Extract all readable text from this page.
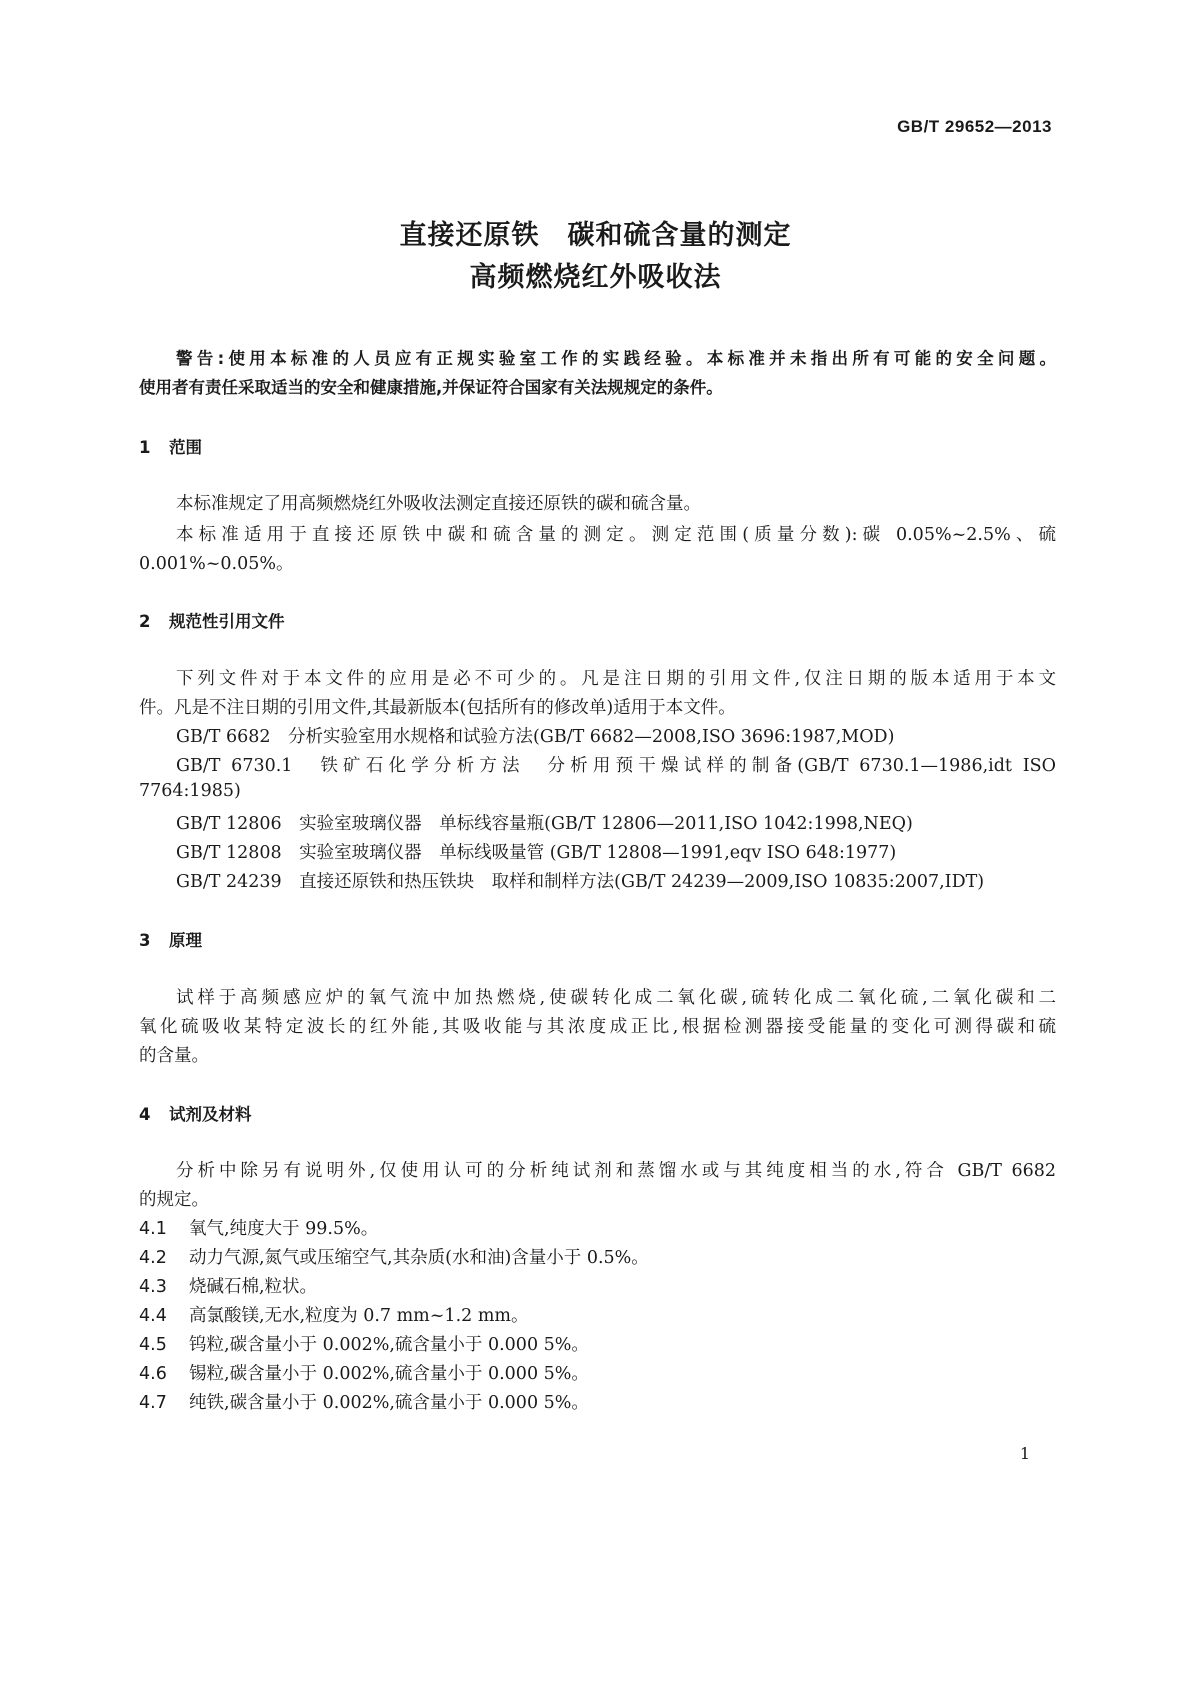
GB/T 29652—2013
直接还原铁　碳和硫含量的测定
高频燃烧红外吸收法
警告:使用本标准的人员应有正规实验室工作的实践经验。本标准并未指出所有可能的安全问题。
使用者有责任采取适当的安全和健康措施,并保证符合国家有关法规规定的条件。
1 范围
本标准规定了用高频燃烧红外吸收法测定直接还原铁的碳和硫含量。
本标准适用于直接还原铁中碳和硫含量的测定。测定范围(质量分数):碳 0.05%~2.5%、硫
0.001%~0.05%。
2 规范性引用文件
下列文件对于本文件的应用是必不可少的。凡是注日期的引用文件,仅注日期的版本适用于本文
件。凡是不注日期的引用文件,其最新版本(包括所有的修改单)适用于本文件。
GB/T 6682　分析实验室用水规格和试验方法(GB/T 6682—2008,ISO 3696:1987,MOD)
GB/T 6730.1　铁矿石化学分析方法　分析用预干燥试样的制备(GB/T 6730.1—1986,idt ISO
7764:1985)
GB/T 12806　实验室玻璃仪器　单标线容量瓶(GB/T 12806—2011,ISO 1042:1998,NEQ)
GB/T 12808　实验室玻璃仪器　单标线吸量管 (GB/T 12808—1991,eqv ISO 648:1977)
GB/T 24239　直接还原铁和热压铁块　取样和制样方法(GB/T 24239—2009,ISO 10835:2007,IDT)
3 原理
试样于高频感应炉的氧气流中加热燃烧,使碳转化成二氧化碳,硫转化成二氧化硫,二氧化碳和二
氧化硫吸收某特定波长的红外能,其吸收能与其浓度成正比,根据检测器接受能量的变化可测得碳和硫
的含量。
4 试剂及材料
分析中除另有说明外,仅使用认可的分析纯试剂和蒸馏水或与其纯度相当的水,符合 GB/T 6682
的规定。
4.1 氧气,纯度大于 99.5%。
4.2 动力气源,氮气或压缩空气,其杂质(水和油)含量小于 0.5%。
4.3 烧碱石棉,粒状。
4.4 高氯酸镁,无水,粒度为 0.7 mm~1.2 mm。
4.5 钨粒,碳含量小于 0.002%,硫含量小于 0.000 5%。
4.6 锡粒,碳含量小于 0.002%,硫含量小于 0.000 5%。
4.7 纯铁,碳含量小于 0.002%,硫含量小于 0.000 5%。
1
